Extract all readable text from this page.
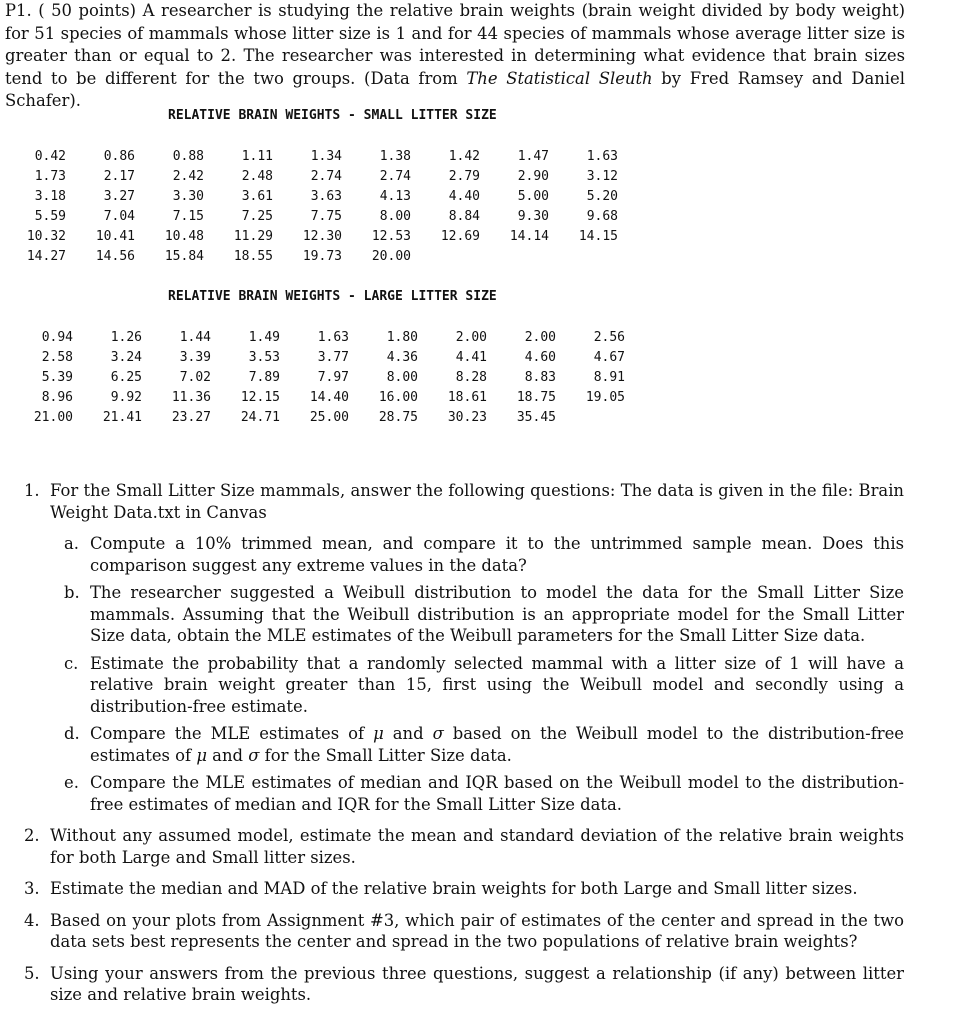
P1. ( 50 points) A researcher is studying the relative brain weights (brain weight divided by body weight) for 51 species of mammals whose litter size is 1 and for 44 species of mammals whose average litter size is greater than or equal to 2. The researcher was interested in determining what evidence that brain sizes tend to be different for the two groups. (Data from The Statistical Sleuth by Fred Ramsey and Daniel Schafer).
RELATIVE BRAIN WEIGHTS - SMALL LITTER SIZE
0.42	0.86	0.88	1.11	1.34	1.38	1.42	1.47	1.63
1.73	2.17	2.42	2.48	2.74	2.74	2.79	2.90	3.12
3.18	3.27	3.30	3.61	3.63	4.13	4.40	5.00	5.20
5.59	7.04	7.15	7.25	7.75	8.00	8.84	9.30	9.68
10.32 10.41 10.48 11.29 12.30 12.53 12.69 14.14 14.15
14.27 14.56 15.84 18.55 19.73 20.00
RELATIVE BRAIN WEIGHTS - LARGE LITTER SIZE
0.94	1.26	1.44	1.49	1.63	1.80	2.00	2.00	2.56
2.58	3.24	3.39	3.53	3.77	4.36	4.41	4.60	4.67
5.39	6.25	7.02	7.89	7.97	8.00	8.28	8.83	8.91
8.96	9.92 11.36 12.15 14.40 16.00 18.61 18.75 19.05
21.00 21.41 23.27 24.71 25.00 28.75 30.23 35.45
1. For the Small Litter Size mammals, answer the following questions: The data is given in the file: Brain Weight Data.txt in Canvas
a. Compute a 10% trimmed mean, and compare it to the untrimmed sample mean. Does this comparison suggest any extreme values in the data?
b. The researcher suggested a Weibull distribution to model the data for the Small Litter Size mammals. Assuming that the Weibull distribution is an appropriate model for the Small Litter Size data, obtain the MLE estimates of the Weibull parameters for the Small Litter Size data.
c. Estimate the probability that a randomly selected mammal with a litter size of 1 will have a relative brain weight greater than 15, first using the Weibull model and secondly using a distribution-free estimate.
d. Compare the MLE estimates of μ and σ based on the Weibull model to the distribution-free estimates of μ and σ for the Small Litter Size data.
e. Compare the MLE estimates of median and IQR based on the Weibull model to the distribution-free estimates of median and IQR for the Small Litter Size data.
2. Without any assumed model, estimate the mean and standard deviation of the relative brain weights for both Large and Small litter sizes.
3. Estimate the median and MAD of the relative brain weights for both Large and Small litter sizes.
4. Based on your plots from Assignment #3, which pair of estimates of the center and spread in the two data sets best represents the center and spread in the two populations of relative brain weights?
5. Using your answers from the previous three questions, suggest a relationship (if any) between litter size and relative brain weights.
